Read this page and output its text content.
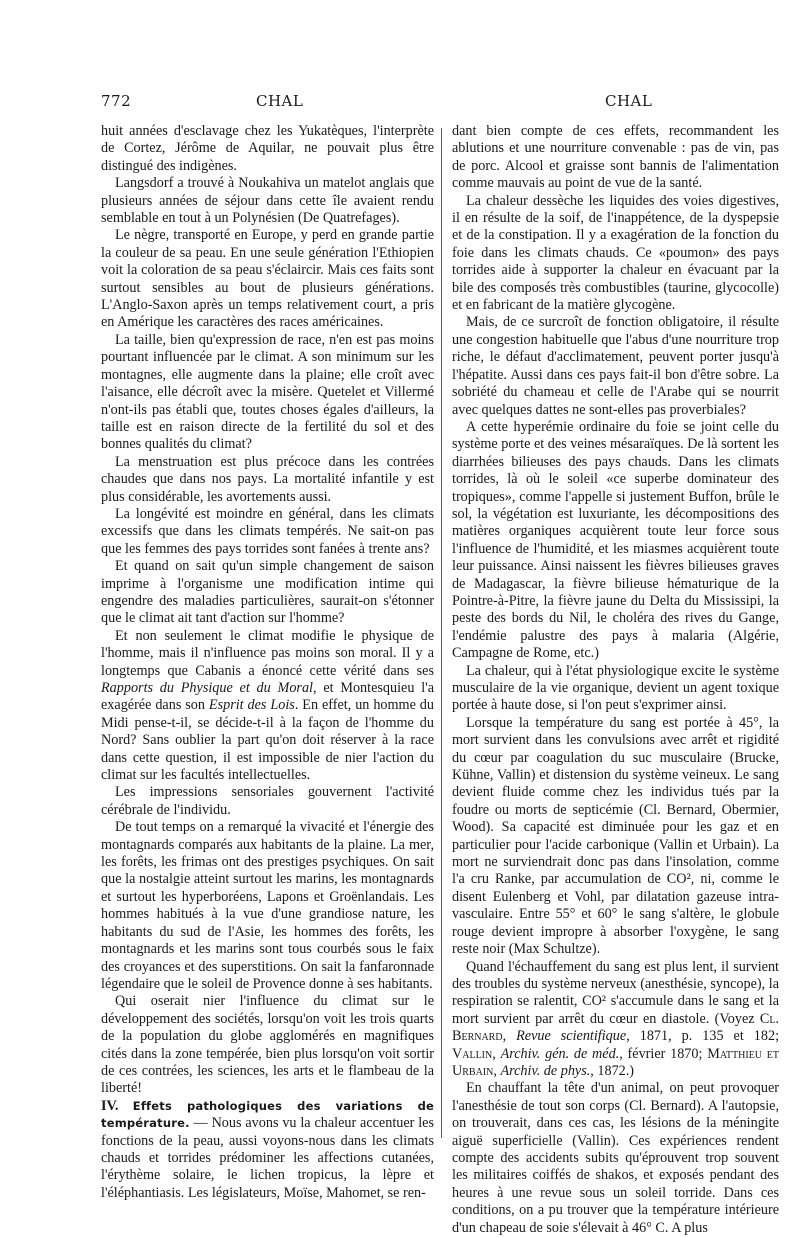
772	CHAL	CHAL

huit années d'esclavage chez les Yukatèques, l'interprète de Cortez, Jérôme de Aquilar, ne pouvait plus être distingué des indigènes.

Langsdorf a trouvé à Noukahiva un matelot anglais que plusieurs années de séjour dans cette île avaient rendu semblable en tout à un Polynésien (De Quatrefages).

Le nègre, transporté en Europe, y perd en grande partie la couleur de sa peau. En une seule génération l'Ethiopien voit la coloration de sa peau s'éclaircir. Mais ces faits sont surtout sensibles au bout de plusieurs générations. L'Anglo-Saxon après un temps relativement court, a pris en Amérique les caractères des races américaines.

La taille, bien qu'expression de race, n'en est pas moins pourtant influencée par le climat. A son minimum sur les montagnes, elle augmente dans la plaine; elle croît avec l'aisance, elle décroît avec la misère. Quetelet et Villermé n'ont-ils pas établi que, toutes choses égales d'ailleurs, la taille est en raison directe de la fertilité du sol et des bonnes qualités du climat?

La menstruation est plus précoce dans les contrées chaudes que dans nos pays. La mortalité infantile y est plus considérable, les avortements aussi.

La longévité est moindre en général, dans les climats excessifs que dans les climats tempérés. Ne sait-on pas que les femmes des pays torrides sont fanées à trente ans?

Et quand on sait qu'un simple changement de saison imprime à l'organisme une modification intime qui engendre des maladies particulières, saurait-on s'étonner que le climat ait tant d'action sur l'homme?

Et non seulement le climat modifie le physique de l'homme, mais il n'influence pas moins son moral. Il y a longtemps que Cabanis a énoncé cette vérité dans ses Rapports du Physique et du Moral, et Montesquieu l'a exagérée dans son Esprit des Lois. En effet, un homme du Midi pense-t-il, se décide-t-il à la façon de l'homme du Nord? Sans oublier la part qu'on doit réserver à la race dans cette question, il est impossible de nier l'action du climat sur les facultés intellectuelles.

Les impressions sensoriales gouvernent l'activité cérébrale de l'individu.

De tout temps on a remarqué la vivacité et l'énergie des montagnards comparés aux habitants de la plaine. La mer, les forêts, les frimas ont des prestiges psychiques. On sait que la nostalgie atteint surtout les marins, les montagnards et surtout les hyperboréens, Lapons et Groënlandais. Les hommes habitués à la vue d'une grandiose nature, les habitants du sud de l'Asie, les hommes des forêts, les montagnards et les marins sont tous courbés sous le faix des croyances et des superstitions. On sait la fanfaronnade légendaire que le soleil de Provence donne à ses habitants.

Qui oserait nier l'influence du climat sur le développement des sociétés, lorsqu'on voit les trois quarts de la population du globe agglomérés en magnifiques cités dans la zone tempérée, bien plus lorsqu'on voit sortir de ces contrées, les sciences, les arts et le flambeau de la liberté!

IV. Effets pathologiques des variations de température. — Nous avons vu la chaleur accentuer les fonctions de la peau, aussi voyons-nous dans les climats chauds et torrides prédominer les affections cutanées, l'érythème solaire, le lichen tropicus, la lèpre et l'éléphantiasis. Les législateurs, Moïse, Mahomet, se ren-

dant bien compte de ces effets, recommandent les ablutions et une nourriture convenable : pas de vin, pas de porc. Alcool et graisse sont bannis de l'alimentation comme mauvais au point de vue de la santé.

La chaleur dessèche les liquides des voies digestives, il en résulte de la soif, de l'inappétence, de la dyspepsie et de la constipation. Il y a exagération de la fonction du foie dans les climats chauds. Ce «poumon» des pays torrides aide à supporter la chaleur en évacuant par la bile des composés très combustibles (taurine, glycocolle) et en fabricant de la matière glycogène.

Mais, de ce surcroît de fonction obligatoire, il résulte une congestion habituelle que l'abus d'une nourriture trop riche, le défaut d'acclimatement, peuvent porter jusqu'à l'hépatite. Aussi dans ces pays fait-il bon d'être sobre. La sobriété du chameau et celle de l'Arabe qui se nourrit avec quelques dattes ne sont-elles pas proverbiales?

A cette hyperémie ordinaire du foie se joint celle du système porte et des veines mésaraïques. De là sortent les diarrhées bilieuses des pays chauds. Dans les climats torrides, là où le soleil «ce superbe dominateur des tropiques», comme l'appelle si justement Buffon, brûle le sol, la végétation est luxuriante, les décompositions des matières organiques acquièrent toute leur force sous l'influence de l'humidité, et les miasmes acquièrent toute leur puissance. Ainsi naissent les fièvres bilieuses graves de Madagascar, la fièvre bilieuse hématurique de la Pointre-à-Pitre, la fièvre jaune du Delta du Mississipi, la peste des bords du Nil, le choléra des rives du Gange, l'endémie palustre des pays à malaria (Algérie, Campagne de Rome, etc.)

La chaleur, qui à l'état physiologique excite le système musculaire de la vie organique, devient un agent toxique portée à haute dose, si l'on peut s'exprimer ainsi.

Lorsque la température du sang est portée à 45°, la mort survient dans les convulsions avec arrêt et rigidité du cœur par coagulation du suc musculaire (Brucke, Kühne, Vallin) et distension du système veineux. Le sang devient fluide comme chez les individus tués par la foudre ou morts de septicémie (Cl. Bernard, Obermier, Wood). Sa capacité est diminuée pour les gaz et en particulier pour l'acide carbonique (Vallin et Urbain). La mort ne surviendrait donc pas dans l'insolation, comme l'a cru Ranke, par accumulation de CO², ni, comme le disent Eulenberg et Vohl, par dilatation gazeuse intra-vasculaire. Entre 55° et 60° le sang s'altère, le globule rouge devient impropre à absorber l'oxygène, le sang reste noir (Max Schultze).

Quand l'échauffement du sang est plus lent, il survient des troubles du système nerveux (anesthésie, syncope), la respiration se ralentit, CO² s'accumule dans le sang et la mort survient par arrêt du cœur en diastole. (Voyez Cl. Bernard, Revue scientifique, 1871, p. 135 et 182; Vallin, Archiv. gén. de méd., février 1870; Matthieu et Urbain, Archiv. de phys., 1872.)

En chauffant la tête d'un animal, on peut provoquer l'anesthésie de tout son corps (Cl. Bernard). A l'autopsie, on trouverait, dans ces cas, les lésions de la méningite aiguë superficielle (Vallin). Ces expériences rendent compte des accidents subits qu'éprouvent trop souvent les militaires coiffés de shakos, et exposés pendant des heures à une revue sous un soleil torride. Dans ces conditions, on a pu trouver que la température intérieure d'un chapeau de soie s'élevait à 46° C. A plus
